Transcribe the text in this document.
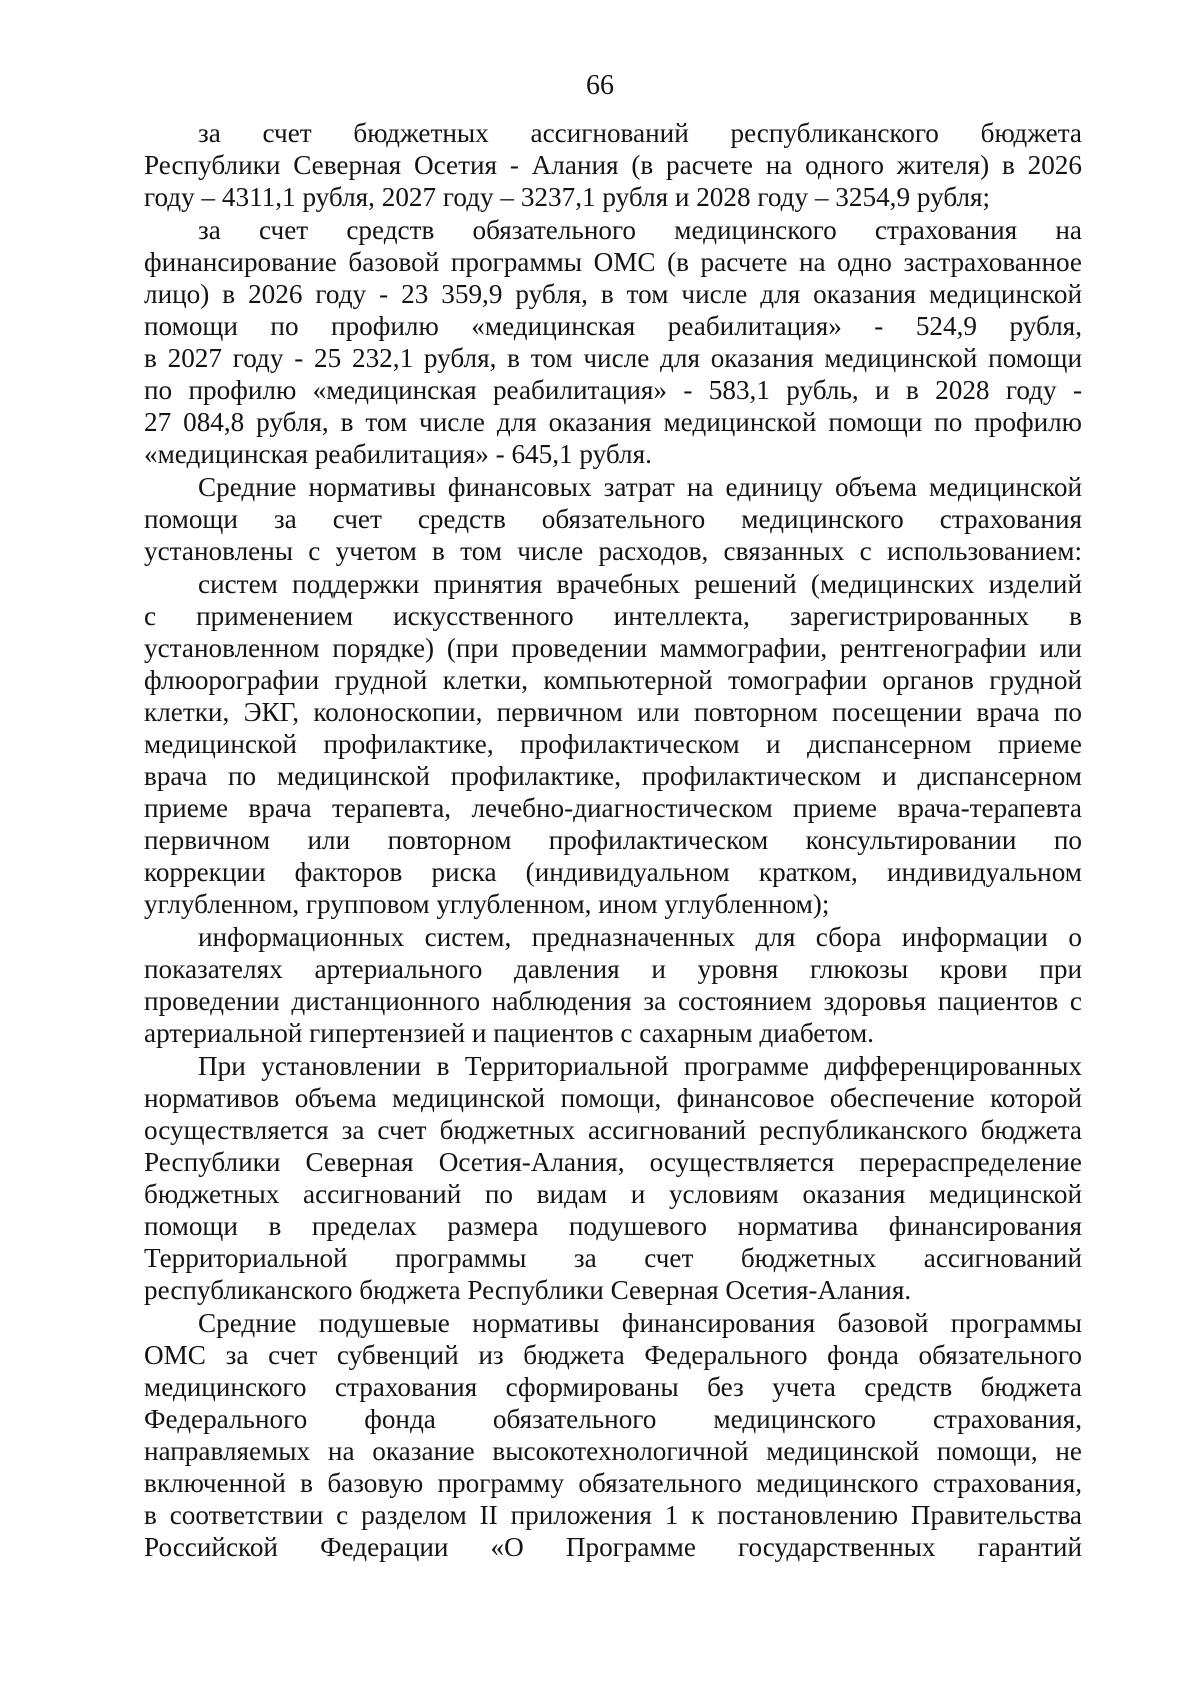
66
за счет бюджетных ассигнований республиканского бюджета
Республики Северная Осетия - Алания (в расчете на одного жителя) в 2026
году – 4311,1 рубля, 2027 году – 3237,1 рубля и 2028 году – 3254,9 рубля;
за счет средств обязательного медицинского страхования на
финансирование базовой программы ОМС (в расчете на одно застрахованное
лицо) в 2026 году - 23 359,9 рубля, в том числе для оказания медицинской
помощи по профилю «медицинская реабилитация» - 524,9 рубля,
в 2027 году - 25 232,1 рубля, в том числе для оказания медицинской помощи
по профилю «медицинская реабилитация» - 583,1 рубль, и в 2028 году -
27 084,8 рубля, в том числе для оказания медицинской помощи по профилю
«медицинская реабилитация» - 645,1 рубля.
Средние нормативы финансовых затрат на единицу объема медицинской
помощи за счет средств обязательного медицинского страхования
установлены с учетом в том числе расходов, связанных с использованием:
систем поддержки принятия врачебных решений (медицинских изделий
с применением искусственного интеллекта, зарегистрированных в
установленном порядке) (при проведении маммографии, рентгенографии или
флюорографии грудной клетки, компьютерной томографии органов грудной
клетки, ЭКГ, колоноскопии, первичном или повторном посещении врача по
медицинской профилактике, профилактическом и диспансерном приеме
врача по медицинской профилактике, профилактическом и диспансерном
приеме врача терапевта, лечебно-диагностическом приеме врача-терапевта
первичном или повторном профилактическом консультировании по
коррекции факторов риска (индивидуальном кратком, индивидуальном
углубленном, групповом углубленном, ином углубленном);
информационных систем, предназначенных для сбора информации о
показателях артериального давления и уровня глюкозы крови при
проведении дистанционного наблюдения за состоянием здоровья пациентов с
артериальной гипертензией и пациентов с сахарным диабетом.
При установлении в Территориальной программе дифференцированных
нормативов объема медицинской помощи, финансовое обеспечение которой
осуществляется за счет бюджетных ассигнований республиканского бюджета
Республики Северная Осетия-Алания, осуществляется перераспределение
бюджетных ассигнований по видам и условиям оказания медицинской
помощи в пределах размера подушевого норматива финансирования
Территориальной программы за счет бюджетных ассигнований
республиканского бюджета Республики Северная Осетия-Алания.
Средние подушевые нормативы финансирования базовой программы
ОМС за счет субвенций из бюджета Федерального фонда обязательного
медицинского страхования сформированы без учета средств бюджета
Федерального фонда обязательного медицинского страхования,
направляемых на оказание высокотехнологичной медицинской помощи, не
включенной в базовую программу обязательного медицинского страхования,
в соответствии с разделом II приложения 1 к постановлению Правительства
Российской Федерации «О Программе государственных гарантий
